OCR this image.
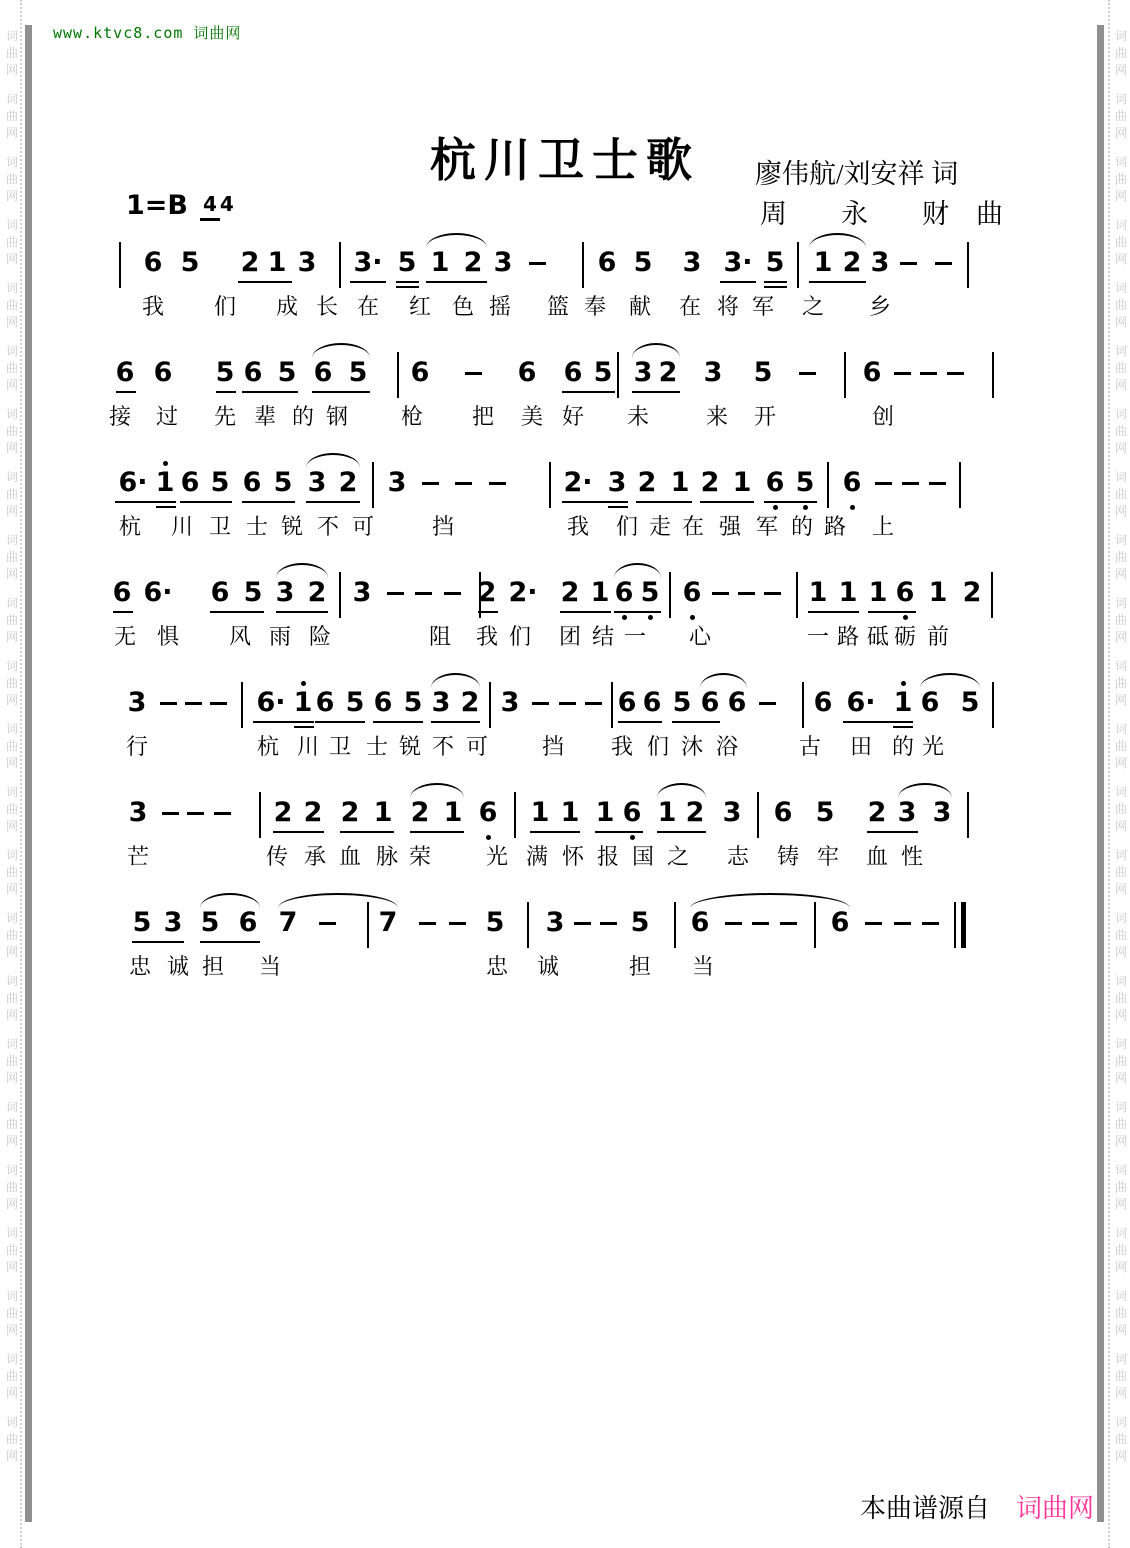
词
曲
网
词
曲
网
词
曲
网
词
曲
网
词
曲
网
词
曲
网
词
曲
网
词
曲
网
词
曲
网
词
曲
网
词
曲
网
词
曲
网
词
曲
网
词
曲
网
词
曲
网
词
曲
网
词
曲
网
词
曲
网
词
曲
网
词
曲
网
词
曲
网
词
曲
网
词
曲
网
词
曲
网
词
曲
网
词
曲
网
词
曲
网
词
曲
网
词
曲
网
词
曲
网
词
曲
网
词
曲
网
词
曲
网
词
曲
网
词
曲
网
词
曲
网
词
曲
网
词
曲
网
词
曲
网
词
曲
网
词
曲
网
词
曲
网
词
曲
网
词
曲
网
词
曲
网
词
曲
网
www.ktvc8.com 词曲网
杭川卫士歌	廖伟航/刘安祥 词
周　　永　　财　曲
1=B 4 4
6 5 2 1 3 3· 5 1 2 3	6 5 3 3· 5 1 2 3
我 们 成 长 在 红 色 摇 篮 奉 献 在 将 军 之 乡
6 6 5 6 5 6 5 6	6 6 5 3 2 3 5	6
接 过 先 辈 的 钢 枪 把 美 好 未	来 开	创
6· 1 6 5 6 5 3 2 3	2· 3 2 1 2 1 6 5 6
杭 川 卫 士 锐 不 可	挡	我 们 走 在 强 军 的 路 上
6 6· 6 5 3 2 3	2 2· 2 1 6 5 6	1 1 1 6 1 2
无 惧 风 雨 险	阻 我 们 团 结 一 心	一 路 砥 砺 前
3	6· 1 6 5 6 5 3 2 3	6 6 5 6 6 6 6· 1 6 5
行	杭 川 卫 士 锐 不 可 挡 我 们 沐 浴	古 田 的 光
3	2 2 2 1 2 1 6 1 1 1 6 1 2 3 6 5 2 3 3
芒	传 承 血 脉 荣 光 满 怀 报 国 之 志 铸 牢 血 性
5 3 5 6 7	7	5 3 5 6	6
忠 诚 担 当	忠 诚	担 当
本曲谱源自 词曲网
